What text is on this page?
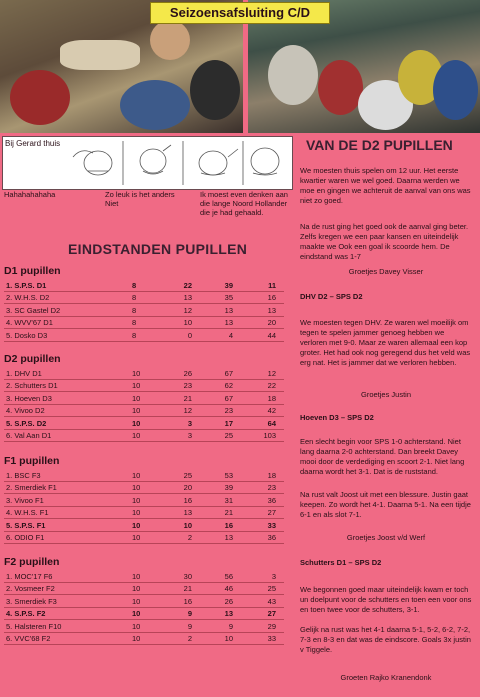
Seizoensafsluiting C/D
Bij Gerard thuis
Hahahahahaha	Zo leuk is het anders Niet
Ik moest even denken aan die lange Noord Hollander die je had gehaald.
EINDSTANDEN PUPILLEN
D1 pupillen
1. S.P.S. D1	8	22	39	11
2. W.H.S. D2	8	13	35	16
3. SC Gastel D2	8	12	13	13
4. WVV'67 D1	8	10	13	20
5. Dosko D3	8	0	4	44
D2 pupillen
1. DHV D1	10	26	67	12
2. Schutters D1	10	23	62	22
3. Hoeven D3	10	21	67	18
4. Vivoo D2	10	12	23	42
5. S.P.S. D2	10	3	17	64
6. Val Aan D1	10	3	25	103
F1 pupillen
1. BSC F3	10	25	53	18
2. Smerdiek F1	10	20	39	23
3. Vivoo F1	10	16	31	36
4. W.H.S. F1	10	13	21	27
5. S.P.S. F1	10	10	16	33
6. ODIO F1	10	2	13	36
F2 pupillen
1. MOC'17 F6	10	30	56	3
2. Vosmeer F2	10	21	46	25
3. Smerdiek F3	10	16	26	43
4. S.P.S. F2	10	9	13	27
5. Halsteren F10	10	9	9	29
6. VVC'68 F2	10	2	10	33
VAN DE D2 PUPILLEN
We moesten thuis spelen om 12 uur. Het eerste kwartier waren we wel goed. Daarna werden we moe en gingen we achteruit de aanval van ons was niet zo goed.
Na de rust ging het goed ook de aanval ging beter. Zelfs kregen we een paar kansen en uiteindelijk maakte we Ook een goal ik scoorde hem. De eindstand was 1-7
Groetjes Davey Visser
DHV D2 – SPS D2
We moesten tegen DHV. Ze waren wel moeilijk om tegen te spelen jammer genoeg hebben we verloren met 9-0. Maar ze waren allemaal een kop groter. Het had ook nog geregend dus het veld was erg nat. Het is jammer dat we verloren hebben.
Groetjes Justin
Hoeven D3 – SPS D2
Een slecht begin voor SPS 1-0 achterstand. Niet lang daarna 2-0 achterstand. Dan breekt Davey mooi door de verdediging en scoort 2-1. Niet lang daarna wordt het 3-1. Dat is de ruststand.
Na rust valt Joost uit met een blessure. Justin gaat keepen. Zo wordt het 4-1. Daarna 5-1. Na een tijdje 6-1 en als slot 7-1.
Groetjes Joost v/d Werf
Schutters D1 – SPS D2
We begonnen goed maar uiteindelijk kwam er toch un doelpunt voor de schutters en toen een voor ons en toen twee voor de schutters, 3-1.
Gelijk na rust was het 4-1 daarna 5-1, 5-2, 6-2, 7-2, 7-3 en 8-3 en dat was de eindscore. Goals 3x justin v Tiggele.
Groeten Rajko Kranendonk
